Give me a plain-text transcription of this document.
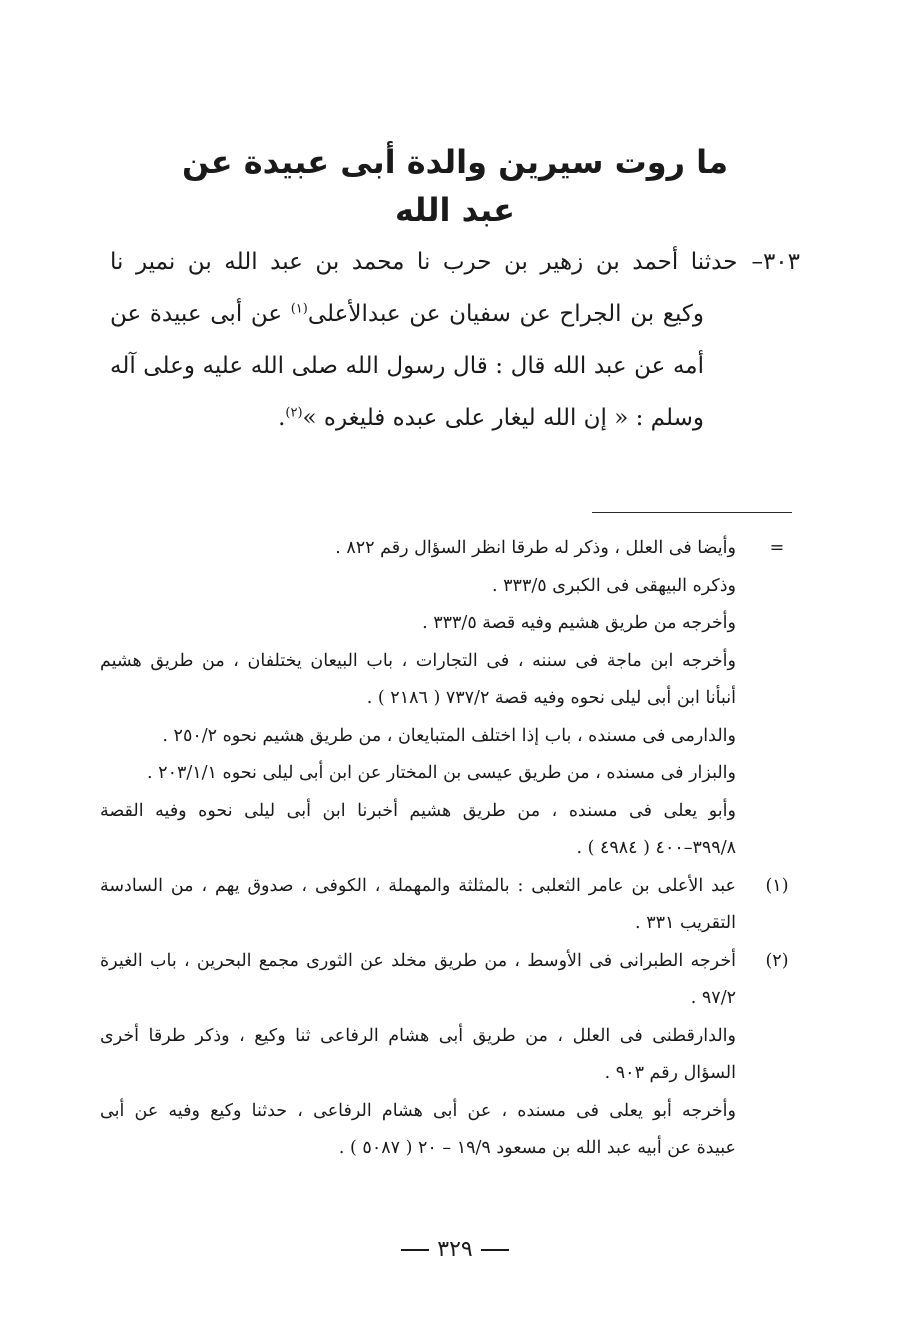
ما روت سيرين والدة أبى عبيدة عن عبد الله
٣٠٣–حدثنا أحمد بن زهير بن حرب نا محمد بن عبد الله بن نمير نا
وكيع بن الجراح عن سفيان عن عبدالأعلى$^{(١)}$ عن أبى عبيدة عن
أمه عن عبد الله قال : قال رسول الله صلى الله عليه وعلى آله
وسلم : « إن الله ليغار على عبده فليغره »$^{(٢)}$.
=
وأيضا فى العلل ، وذكر له طرقا انظر السؤال رقم ٨٢٢ .
وذكره البيهقى فى الكبرى ٣٣٣/٥ .
وأخرجه من طريق هشيم وفيه قصة ٣٣٣/٥ .
وأخرجه ابن ماجة فى سننه ، فى التجارات ، باب البيعان يختلفان ، من طريق هشيم
أنبأنا ابن أبى ليلى نحوه وفيه قصة ٧٣٧/٢ ( ٢١٨٦ ) .
والدارمى فى مسنده ، باب إذا اختلف المتبايعان ، من طريق هشيم نحوه ٢٥٠/٢ .
والبزار فى مسنده ، من طريق عيسى بن المختار عن ابن أبى ليلى نحوه ٢٠٣/١/١ .
وأبو يعلى فى مسنده ، من طريق هشيم أخبرنا ابن أبى ليلى نحوه وفيه القصة
٣٩٩/٨–٤٠٠ ( ٤٩٨٤ ) .
(١)
عبد الأعلى بن عامر الثعلبى : بالمثلثة والمهملة ، الكوفى ، صدوق يهم ، من السادسة
التقريب ٣٣١ .
(٢)
أخرجه الطبرانى فى الأوسط ، من طريق مخلد عن الثورى مجمع البحرين ، باب الغيرة
٩٧/٢ .
والدارقطنى فى العلل ، من طريق أبى هشام الرفاعى ثنا وكيع ، وذكر طرقا أخرى
السؤال رقم ٩٠٣ .
وأخرجه أبو يعلى فى مسنده ، عن أبى هشام الرفاعى ، حدثنا وكيع وفيه عن أبى
عبيدة عن أبيه عبد الله بن مسعود ١٩/٩ – ٢٠ ( ٥٠٨٧ ) .
٣٢٩
